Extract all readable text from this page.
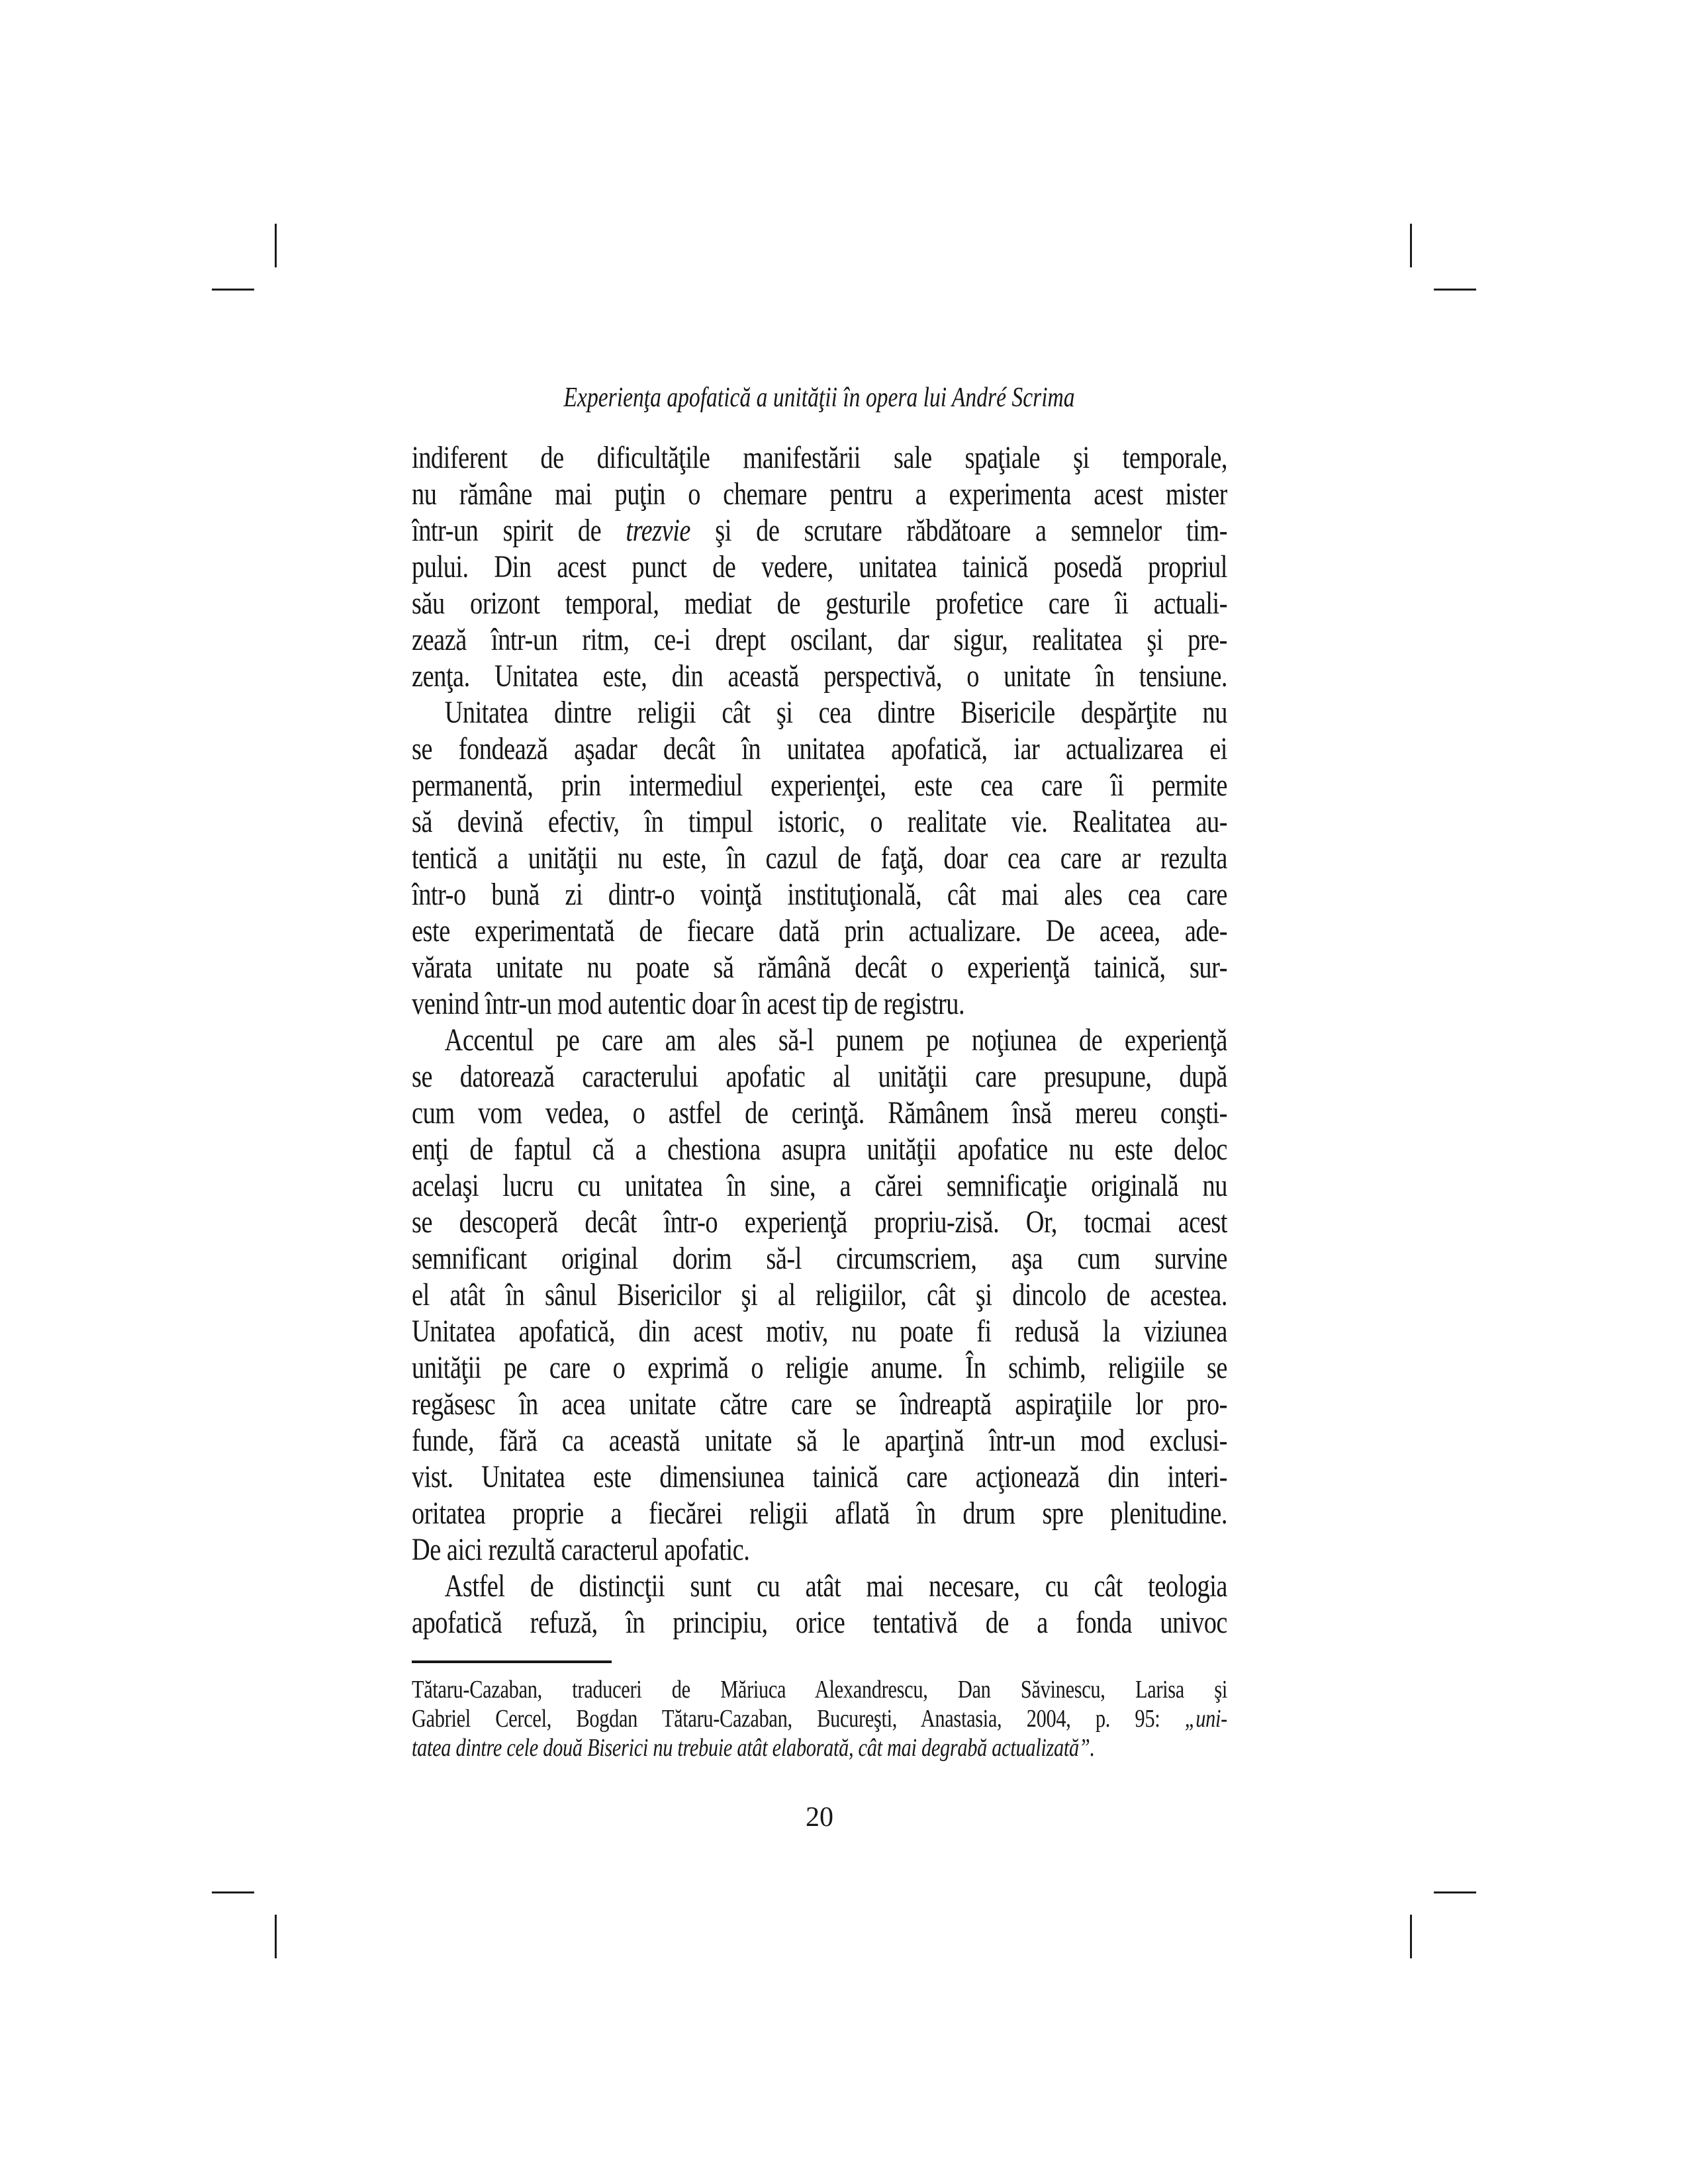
Experienţa apofatică a unităţii în opera lui André Scrima
indiferent de dificultăţile manifestării sale spaţiale şi temporale,
nu rămâne mai puţin o chemare pentru a experimenta acest mister
într-un spirit de trezvie şi de scrutare răbdătoare a semnelor tim-
pului. Din acest punct de vedere, unitatea tainică posedă propriul
său orizont temporal, mediat de gesturile profetice care îi actuali-
zează într-un ritm, ce-i drept oscilant, dar sigur, realitatea şi pre-
zenţa. Unitatea este, din această perspectivă, o unitate în tensiune.
Unitatea dintre religii cât şi cea dintre Bisericile despărţite nu
se fondează aşadar decât în unitatea apofatică, iar actualizarea ei
permanentă, prin intermediul experienţei, este cea care îi permite
să devină efectiv, în timpul istoric, o realitate vie. Realitatea au-
tentică a unităţii nu este, în cazul de faţă, doar cea care ar rezulta
într-o bună zi dintr-o voinţă instituţională, cât mai ales cea care
este experimentată de fiecare dată prin actualizare. De aceea, ade-
vărata unitate nu poate să rămână decât o experienţă tainică, sur-
venind într-un mod autentic doar în acest tip de registru.
Accentul pe care am ales să-l punem pe noţiunea de experienţă
se datorează caracterului apofatic al unităţii care presupune, după
cum vom vedea, o astfel de cerinţă. Rămânem însă mereu conşti-
enţi de faptul că a chestiona asupra unităţii apofatice nu este deloc
acelaşi lucru cu unitatea în sine, a cărei semnificaţie originală nu
se descoperă decât într-o experienţă propriu-zisă. Or, tocmai acest
semnificant original dorim să-l circumscriem, aşa cum survine
el atât în sânul Bisericilor şi al religiilor, cât şi dincolo de acestea.
Unitatea apofatică, din acest motiv, nu poate fi redusă la viziunea
unităţii pe care o exprimă o religie anume. În schimb, religiile se
regăsesc în acea unitate către care se îndreaptă aspiraţiile lor pro-
funde, fără ca această unitate să le aparţină într-un mod exclusi-
vist. Unitatea este dimensiunea tainică care acţionează din interi-
oritatea proprie a fiecărei religii aflată în drum spre plenitudine.
De aici rezultă caracterul apofatic.
Astfel de distincţii sunt cu atât mai necesare, cu cât teologia
apofatică refuză, în principiu, orice tentativă de a fonda univoc
Tătaru-Cazaban, traduceri de Măriuca Alexandrescu, Dan Săvinescu, Larisa şi
Gabriel Cercel, Bogdan Tătaru-Cazaban, Bucureşti, Anastasia, 2004, p. 95: „uni-
tatea dintre cele două Biserici nu trebuie atât elaborată, cât mai degrabă actualizată”.
20
